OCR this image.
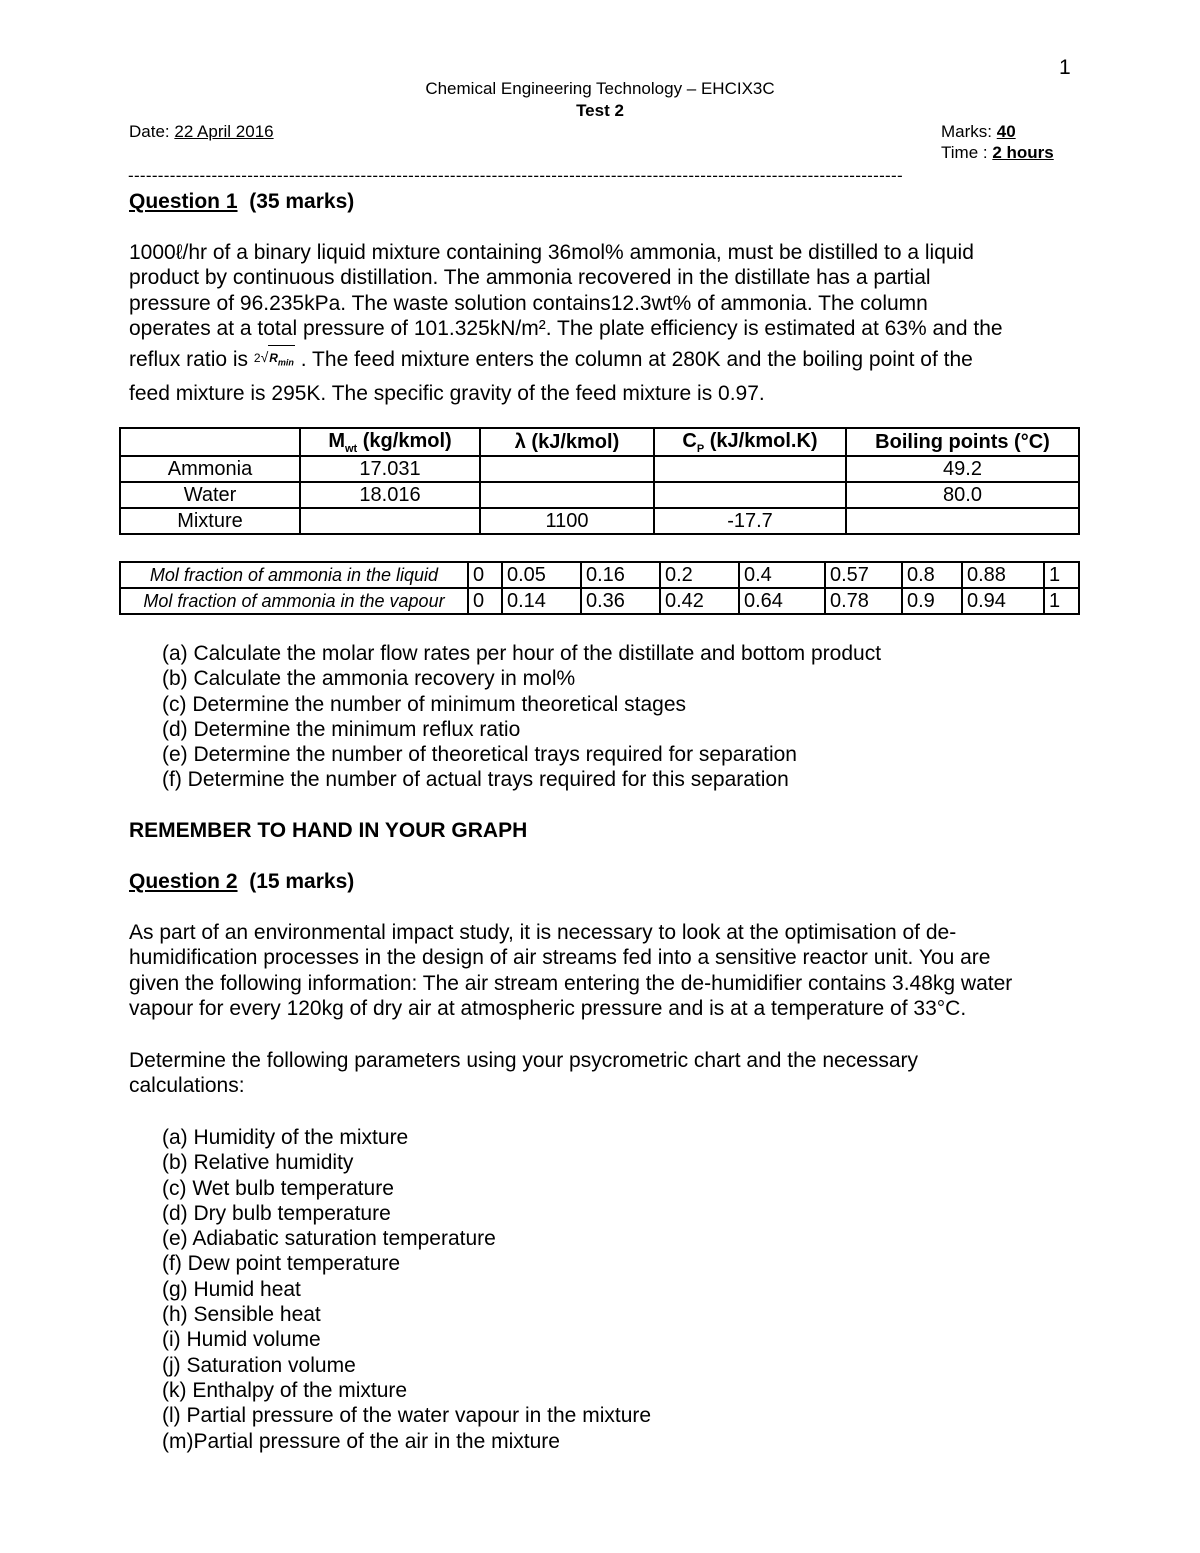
1
Chemical Engineering Technology – EHCIX3C
Test 2
Date: 22 April 2016	Marks: 40
Time : 2 hours
----------------------------------------------------------------------------------------------------------------------------------
Question 1 (35 marks)
1000ℓ/hr of a binary liquid mixture containing 36mol% ammonia, must be distilled to a liquid
product by continuous distillation. The ammonia recovered in the distillate has a partial
pressure of 96.235kPa. The waste solution contains12.3wt% of ammonia. The column
operates at a total pressure of 101.325kN/m². The plate efficiency is estimated at 63% and the
reflux ratio is $2√R_{min}$ . The feed mixture enters the column at 280K and the boiling point of the
feed mixture is 295K. The specific gravity of the feed mixture is 0.97.
	$M_{wt}$ (kg/kmol)	λ (kJ/kmol)	$C_P$ (kJ/kmol.K)	Boiling points (°C)
Ammonia	17.031			49.2
Water	18.016			80.0
Mixture		1100	-17.7	
Mol fraction of ammonia in the liquid	0	0.05	0.16	0.2	0.4	0.57	0.8	0.88	1
Mol fraction of ammonia in the vapour	0	0.14	0.36	0.42	0.64	0.78	0.9	0.94	1
(a) Calculate the molar flow rates per hour of the distillate and bottom product
(b) Calculate the ammonia recovery in mol%
(c) Determine the number of minimum theoretical stages
(d) Determine the minimum reflux ratio
(e) Determine the number of theoretical trays required for separation
(f) Determine the number of actual trays required for this separation
REMEMBER TO HAND IN YOUR GRAPH
Question 2 (15 marks)
As part of an environmental impact study, it is necessary to look at the optimisation of de-
humidification processes in the design of air streams fed into a sensitive reactor unit. You are
given the following information: The air stream entering the de-humidifier contains 3.48kg water
vapour for every 120kg of dry air at atmospheric pressure and is at a temperature of 33°C.
Determine the following parameters using your psycrometric chart and the necessary
calculations:
(a) Humidity of the mixture
(b) Relative humidity
(c) Wet bulb temperature
(d) Dry bulb temperature
(e) Adiabatic saturation temperature
(f) Dew point temperature
(g) Humid heat
(h) Sensible heat
(i) Humid volume
(j) Saturation volume
(k) Enthalpy of the mixture
(l) Partial pressure of the water vapour in the mixture
(m)Partial pressure of the air in the mixture
